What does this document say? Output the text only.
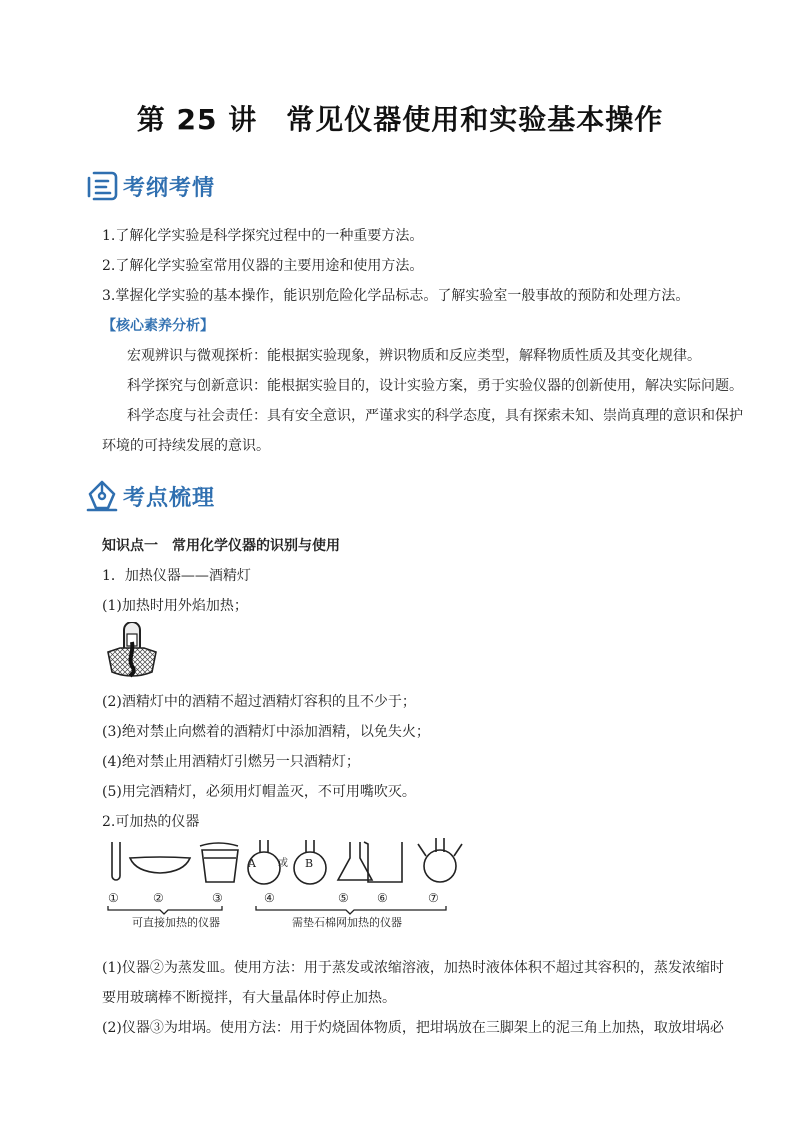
第 25 讲　常见仪器使用和实验基本操作
考纲考情
1.了解化学实验是科学探究过程中的一种重要方法。
2.了解化学实验室常用仪器的主要用途和使用方法。
3.掌握化学实验的基本操作，能识别危险化学品标志。了解实验室一般事故的预防和处理方法。
【核心素养分析】
宏观辨识与微观探析：能根据实验现象，辨识物质和反应类型，解释物质性质及其变化规律。
科学探究与创新意识：能根据实验目的，设计实验方案，勇于实验仪器的创新使用，解决实际问题。
科学态度与社会责任：具有安全意识，严谨求实的科学态度，具有探索未知、崇尚真理的意识和保护
环境的可持续发展的意识。
考点梳理
知识点一　常用化学仪器的识别与使用
1．加热仪器——酒精灯
(1)加热时用外焰加热；
(2)酒精灯中的酒精不超过酒精灯容积的且不少于；
(3)绝对禁止向燃着的酒精灯中添加酒精，以免失火；
(4)绝对禁止用酒精灯引燃另一只酒精灯；
(5)用完酒精灯，必须用灯帽盖灭，不可用嘴吹灭。
2.可加热的仪器
A 或 B
①	②	③	④	⑤ ⑥	⑦
可直接加热的仪器	需垫石棉网加热的仪器
(1)仪器②为蒸发皿。使用方法：用于蒸发或浓缩溶液，加热时液体体积不超过其容积的，蒸发浓缩时
要用玻璃棒不断搅拌，有大量晶体时停止加热。
(2)仪器③为坩埚。使用方法：用于灼烧固体物质，把坩埚放在三脚架上的泥三角上加热，取放坩埚必
